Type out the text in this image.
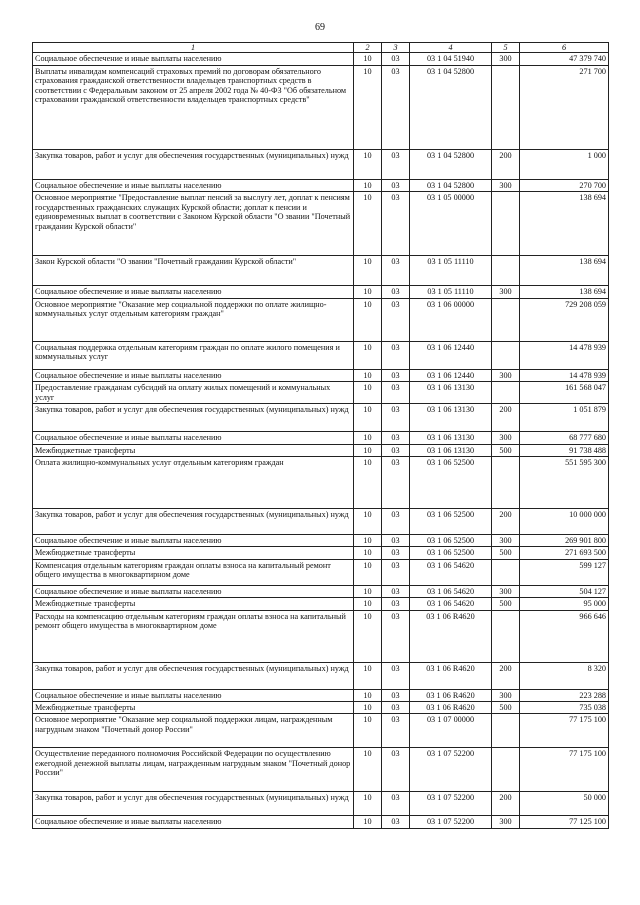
69
1	2	3	4	5	6
Социальное обеспечение и иные выплаты населению	10	03	03 1 04 51940	300	47 379 740
Выплаты инвалидам компенсаций страховых премий по договорам обязательного страхования гражданской ответственности владельцев транспортных средств в соответствии с Федеральным законом от 25 апреля 2002 года № 40-ФЗ "Об обязательном страховании гражданской ответственности владельцев транспортных средств"	10	03	03 1 04 52800		271 700
Закупка товаров, работ и услуг для обеспечения государственных (муниципальных) нужд	10	03	03 1 04 52800	200	1 000
Социальное обеспечение и иные выплаты населению	10	03	03 1 04 52800	300	270 700
Основное мероприятие "Предоставление выплат пенсий за выслугу лет, доплат к пенсиям государственных гражданских служащих Курской области; доплат к пенсии и единовременных выплат в соответствии с Законом Курской области "О звании "Почетный гражданин Курской области"	10	03	03 1 05 00000		138 694
Закон Курской области "О звании "Почетный гражданин Курской области"	10	03	03 1 05 11110		138 694
Социальное обеспечение и иные выплаты населению	10	03	03 1 05 11110	300	138 694
Основное мероприятие "Оказание мер социальной поддержки по оплате жилищно-коммунальных услуг отдельным категориям граждан"	10	03	03 1 06 00000		729 208 059
Социальная поддержка отдельным категориям граждан по оплате жилого помещения и коммунальных услуг	10	03	03 1 06 12440		14 478 939
Социальное обеспечение и иные выплаты населению	10	03	03 1 06 12440	300	14 478 939
Предоставление гражданам субсидий на оплату жилых помещений и коммунальных услуг	10	03	03 1 06 13130		161 568 047
Закупка товаров, работ и услуг для обеспечения государственных (муниципальных) нужд	10	03	03 1 06 13130	200	1 051 879
Социальное обеспечение и иные выплаты населению	10	03	03 1 06 13130	300	68 777 680
Межбюджетные трансферты	10	03	03 1 06 13130	500	91 738 488
Оплата жилищно-коммунальных услуг отдельным категориям граждан	10	03	03 1 06 52500		551 595 300
Закупка товаров, работ и услуг для обеспечения государственных (муниципальных) нужд	10	03	03 1 06 52500	200	10 000 000
Социальное обеспечение и иные выплаты населению	10	03	03 1 06 52500	300	269 901 800
Межбюджетные трансферты	10	03	03 1 06 52500	500	271 693 500
Компенсация отдельным категориям граждан оплаты взноса на капитальный ремонт общего имущества в многоквартирном доме	10	03	03 1 06 54620		599 127
Социальное обеспечение и иные выплаты населению	10	03	03 1 06 54620	300	504 127
Межбюджетные трансферты	10	03	03 1 06 54620	500	95 000
Расходы на компенсацию отдельным категориям граждан оплаты взноса на капитальный ремонт общего имущества в многоквартирном доме	10	03	03 1 06 R4620		966 646
Закупка товаров, работ и услуг для обеспечения государственных (муниципальных) нужд	10	03	03 1 06 R4620	200	8 320
Социальное обеспечение и иные выплаты населению	10	03	03 1 06 R4620	300	223 288
Межбюджетные трансферты	10	03	03 1 06 R4620	500	735 038
Основное мероприятие "Оказание мер социальной поддержки лицам, награжденным нагрудным знаком "Почетный донор России"	10	03	03 1 07 00000		77 175 100
Осуществление переданного полномочия Российской Федерации по осуществлению ежегодной денежной выплаты лицам, награжденным нагрудным знаком "Почетный донор России"	10	03	03 1 07 52200		77 175 100
Закупка товаров, работ и услуг для обеспечения государственных (муниципальных) нужд	10	03	03 1 07 52200	200	50 000
Социальное обеспечение и иные выплаты населению	10	03	03 1 07 52200	300	77 125 100
